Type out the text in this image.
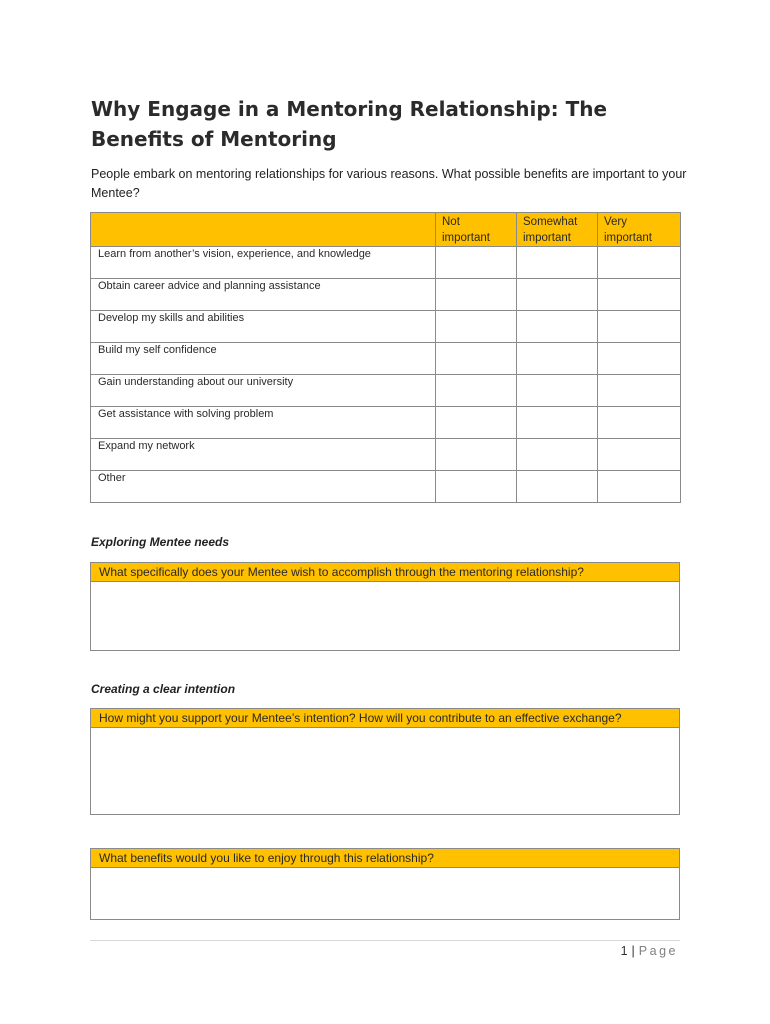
Why Engage in a Mentoring Relationship: The Benefits of Mentoring

People embark on mentoring relationships for various reasons. What possible benefits are important to your Mentee?

	Not important	Somewhat important	Very important

Learn from another’s vision, experience, and knowledge			

Obtain career advice and planning assistance			

Develop my skills and abilities			

Build my self confidence			

Gain understanding about our university			

Get assistance with solving problem			

Expand my network			

Other			

Exploring Mentee needs

What specifically does your Mentee wish to accomplish through the mentoring relationship?

Creating a clear intention

How might you support your Mentee’s intention? How will you contribute to an effective exchange?
What benefits would you like to enjoy through this relationship?
1 | Page
